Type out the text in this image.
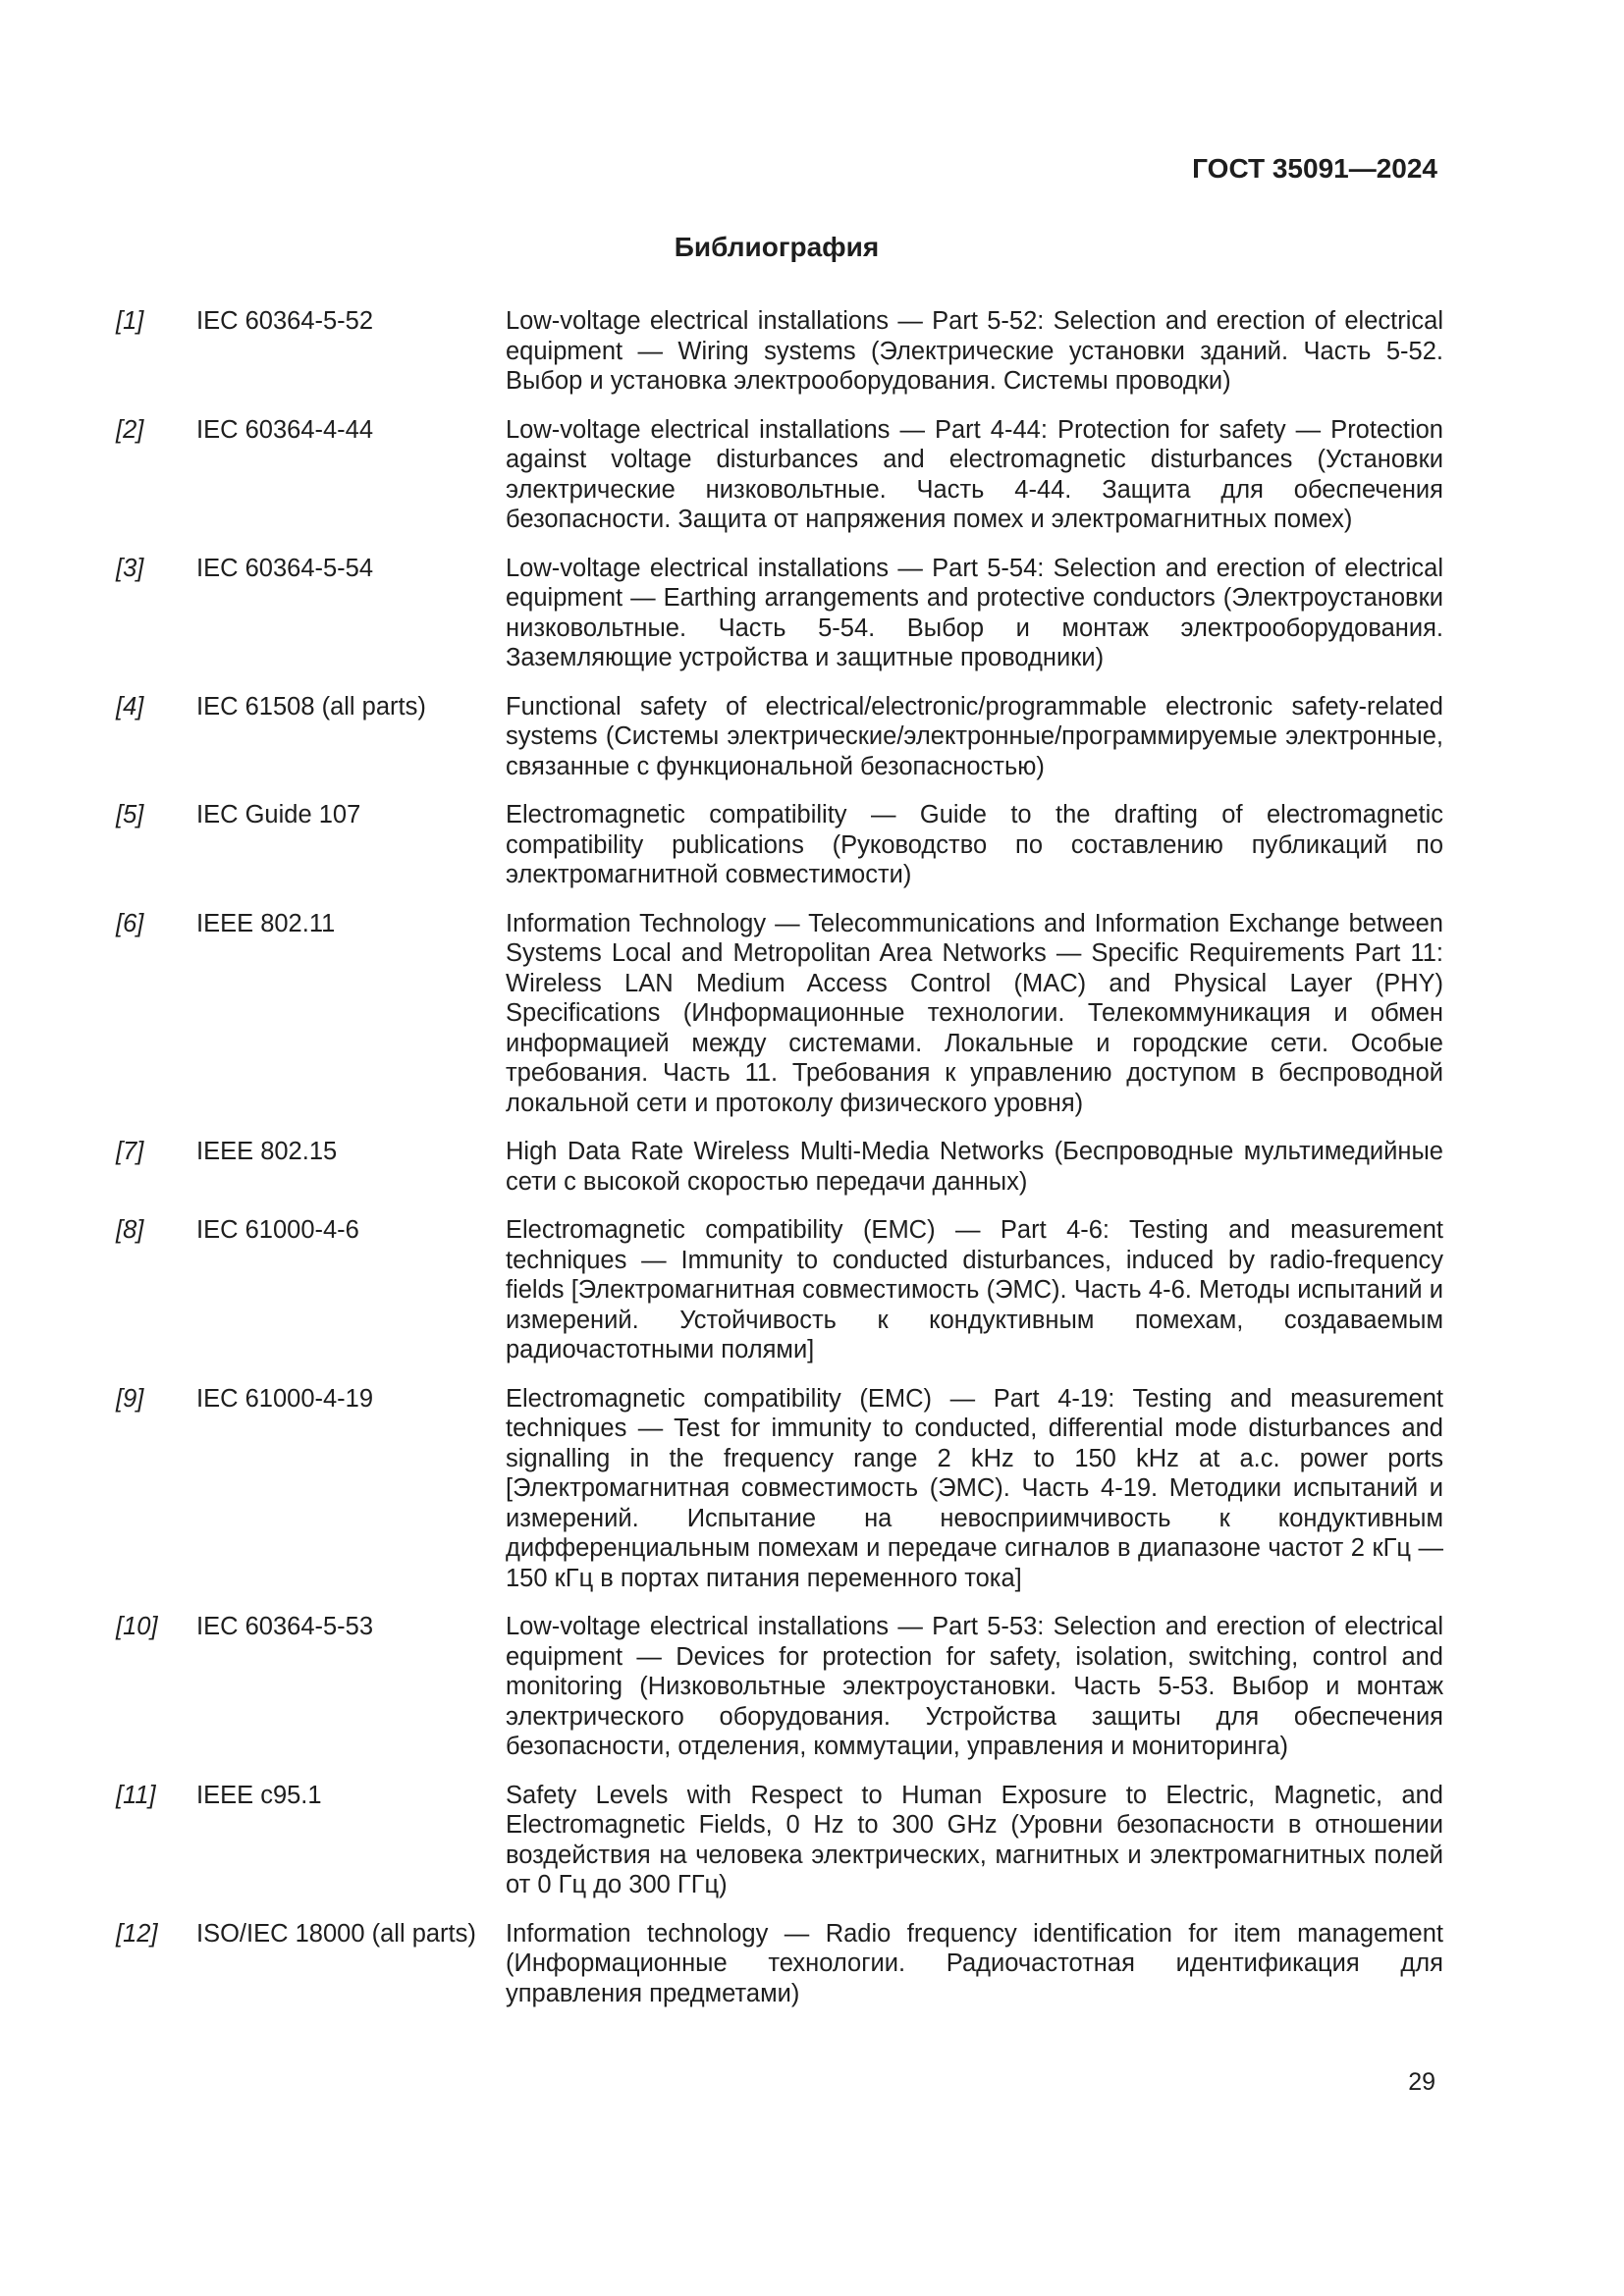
ГОСТ 35091—2024
Библиография
[1]	IEC 60364-5-52	Low-voltage electrical installations — Part 5-52: Selection and erection of electrical equipment — Wiring systems (Электрические установки зданий. Часть 5-52. Выбор и установка электрооборудования. Системы проводки)
[2]	IEC 60364-4-44	Low-voltage electrical installations — Part 4-44: Protection for safety — Protection against voltage disturbances and electromagnetic disturbances (Установки электрические низковольтные. Часть 4-44. Защита для обеспечения безопасности. Защита от напряжения помех и электромагнитных помех)
[3]	IEC 60364-5-54	Low-voltage electrical installations — Part 5-54: Selection and erection of electrical equipment — Earthing arrangements and protective conductors (Электроустановки низковольтные. Часть 5-54. Выбор и монтаж электрооборудования. Заземляющие устройства и защитные проводники)
[4]	IEC 61508 (all parts)	Functional safety of electrical/electronic/programmable electronic safety-related systems (Системы электрические/электронные/программируемые электронные, связанные с функциональной безопасностью)
[5]	IEC Guide 107	Electromagnetic compatibility — Guide to the drafting of electromagnetic compatibility publications (Руководство по составлению публикаций по электромагнитной совместимости)
[6]	IEEE 802.11	Information Technology — Telecommunications and Information Exchange between Systems Local and Metropolitan Area Networks — Specific Requirements Part 11: Wireless LAN Medium Access Control (MAC) and Physical Layer (PHY) Specifications (Информационные технологии. Телекоммуникация и обмен информацией между системами. Локальные и городские сети. Особые требования. Часть 11. Требования к управлению доступом в беспроводной локальной сети и протоколу физического уровня)
[7]	IEEE 802.15	High Data Rate Wireless Multi-Media Networks (Беспроводные мультимедийные сети с высокой скоростью передачи данных)
[8]	IEC 61000-4-6	Electromagnetic compatibility (EMC) — Part 4-6: Testing and measurement techniques — Immunity to conducted disturbances, induced by radio-frequency fields [Электромагнитная совместимость (ЭМС). Часть 4-6. Методы испытаний и измерений. Устойчивость к кондуктивным помехам, создаваемым радиочастотными полями]
[9]	IEC 61000-4-19	Electromagnetic compatibility (EMC) — Part 4-19: Testing and measurement techniques — Test for immunity to conducted, differential mode disturbances and signalling in the frequency range 2 kHz to 150 kHz at a.c. power ports [Электромагнитная совместимость (ЭМС). Часть 4-19. Методики испытаний и измерений. Испытание на невосприимчивость к кондуктивным дифференциальным помехам и передаче сигналов в диапазоне частот 2 кГц — 150 кГц в портах питания переменного тока]
[10]	IEC 60364-5-53	Low-voltage electrical installations — Part 5-53: Selection and erection of electrical equipment — Devices for protection for safety, isolation, switching, control and monitoring (Низковольтные электроустановки. Часть 5-53. Выбор и монтаж электрического оборудования. Устройства защиты для обеспечения безопасности, отделения, коммутации, управления и мониторинга)
[11]	IEEE c95.1	Safety Levels with Respect to Human Exposure to Electric, Magnetic, and Electromagnetic Fields, 0 Hz to 300 GHz (Уровни безопасности в отношении воздействия на человека электрических, магнитных и электромагнитных полей от 0 Гц до 300 ГГц)
[12]	ISO/IEC 18000 (all parts)	Information technology — Radio frequency identification for item management (Информационные технологии. Радиочастотная идентификация для управления предметами)
29
